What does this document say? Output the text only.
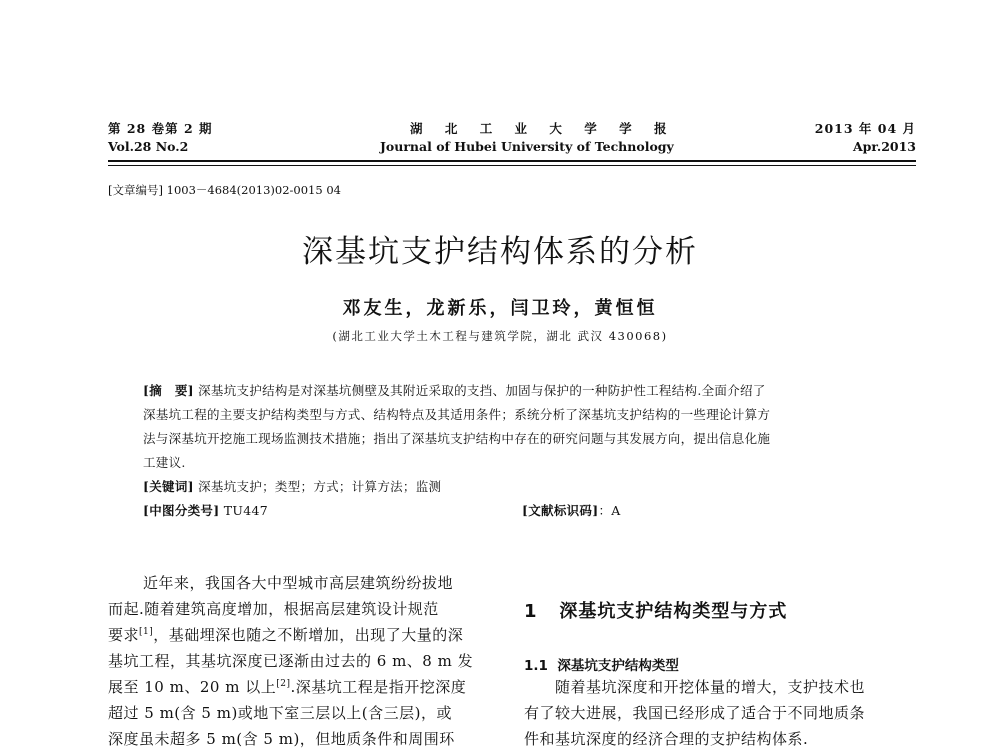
第 28 卷第 2 期
Vol.28 No.2
湖 北 工 业 大 学 学 报
Journal of Hubei University of Technology
2013 年 04 月
Apr.2013
[文章编号] 1003－4684(2013)02-0015 04
深基坑支护结构体系的分析
邓友生，龙新乐，闫卫玲，黄恒恒
(湖北工业大学土木工程与建筑学院，湖北 武汉 430068)
[摘　要] 深基坑支护结构是对深基坑侧壁及其附近采取的支挡、加固与保护的一种防护性工程结构.全面介绍了
深基坑工程的主要支护结构类型与方式、结构特点及其适用条件；系统分析了深基坑支护结构的一些理论计算方
法与深基坑开挖施工现场监测技术措施；指出了深基坑支护结构中存在的研究问题与其发展方向，提出信息化施
工建议.
[关键词] 深基坑支护；类型；方式；计算方法；监测
[中图分类号] TU447	[文献标识码]：A
近年来，我国各大中型城市高层建筑纷纷拔地
而起.随着建筑高度增加，根据高层建筑设计规范
要求[1]，基础埋深也随之不断增加，出现了大量的深
基坑工程，其基坑深度已逐渐由过去的 6 m、8 m 发
展至 10 m、20 m 以上[2].深基坑工程是指开挖深度
超过 5 m(含 5 m)或地下室三层以上(含三层)，或
深度虽未超多 5 m(含 5 m)，但地质条件和周围环
1 深基坑支护结构类型与方式
1.1 深基坑支护结构类型
随着基坑深度和开挖体量的增大，支护技术也
有了较大进展，我国已经形成了适合于不同地质条
件和基坑深度的经济合理的支护结构体系.
